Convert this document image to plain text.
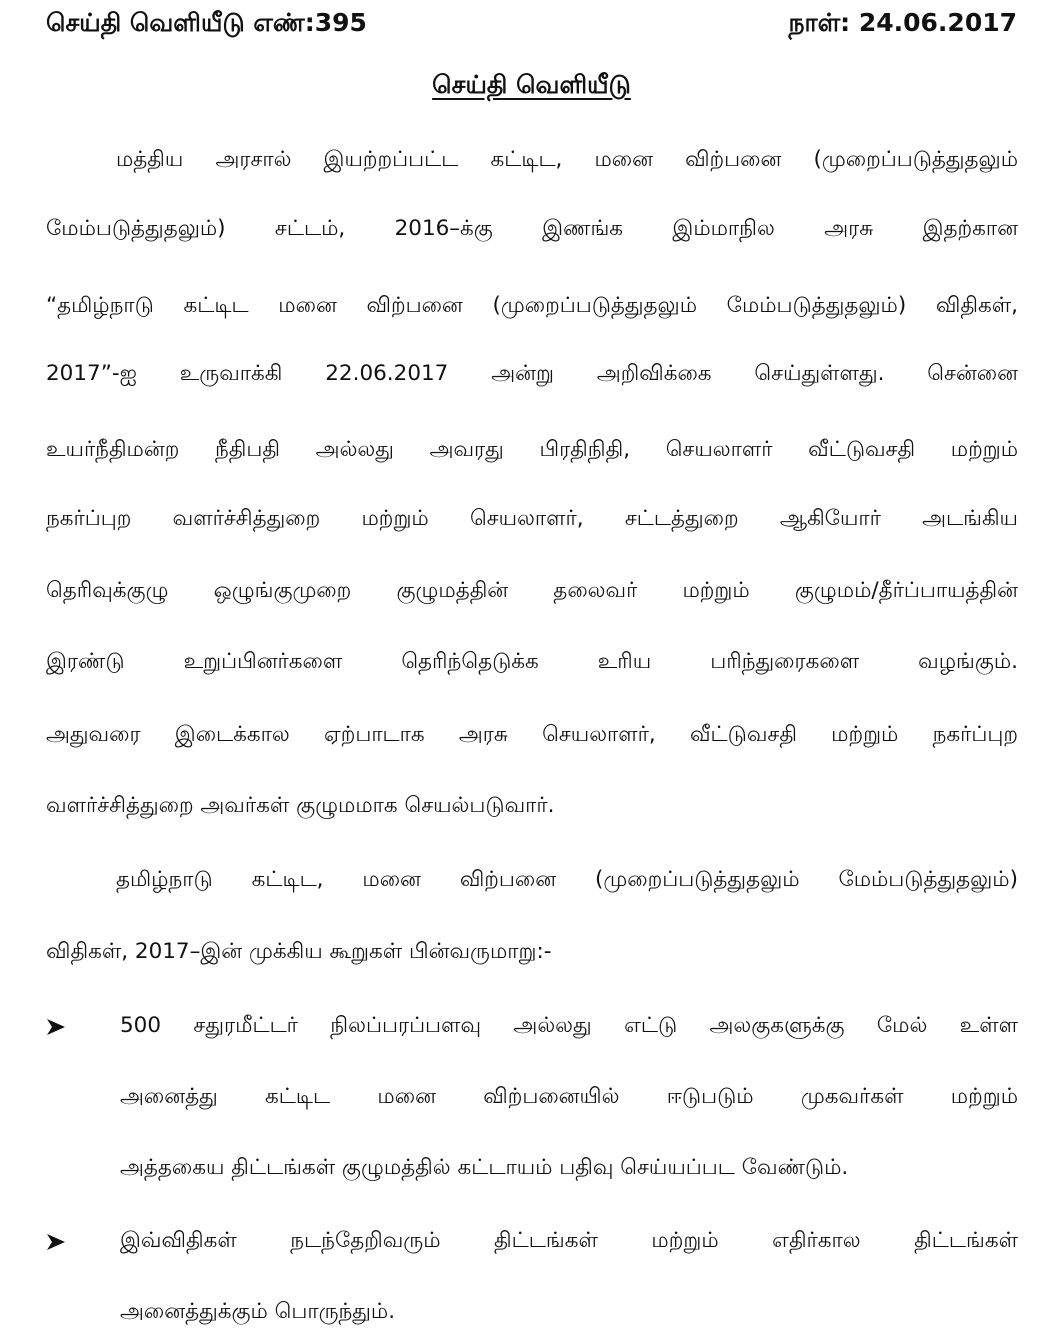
செய்தி வெளியீடு எண்:395	நாள்: 24.06.2017
செய்தி வெளியீடு
மத்திய அரசால் இயற்றப்பட்ட கட்டிட, மனை விற்பனை (முறைப்படுத்துதலும்
மேம்படுத்துதலும்) சட்டம், 2016–க்கு இணங்க இம்மாநில அரசு இதற்கான
“தமிழ்நாடு கட்டிட மனை விற்பனை (முறைப்படுத்துதலும் மேம்படுத்துதலும்) விதிகள்,
2017”-ஐ உருவாக்கி 22.06.2017 அன்று அறிவிக்கை செய்துள்ளது. சென்னை
உயர்நீதிமன்ற நீதிபதி அல்லது அவரது பிரதிநிதி, செயலாளர் வீட்டுவசதி மற்றும்
நகர்ப்புற வளர்ச்சித்துறை மற்றும் செயலாளர், சட்டத்துறை ஆகியோர் அடங்கிய
தெரிவுக்குழு ஒழுங்குமுறை குழுமத்தின் தலைவர் மற்றும் குழுமம்/தீர்ப்பாயத்தின்
இரண்டு உறுப்பினர்களை தெரிந்தெடுக்க உரிய பரிந்துரைகளை வழங்கும்.
அதுவரை இடைக்கால ஏற்பாடாக அரசு செயலாளர், வீட்டுவசதி மற்றும் நகர்ப்புற
வளர்ச்சித்துறை அவர்கள் குழுமமாக செயல்படுவார்.
தமிழ்நாடு கட்டிட, மனை விற்பனை (முறைப்படுத்துதலும் மேம்படுத்துதலும்)
விதிகள், 2017–இன் முக்கிய கூறுகள் பின்வருமாறு:-
500 சதுரமீட்டர் நிலப்பரப்பளவு அல்லது எட்டு அலகுகளுக்கு மேல் உள்ள
அனைத்து கட்டிட மனை விற்பனையில் ஈடுபடும் முகவர்கள் மற்றும்
அத்தகைய திட்டங்கள் குழுமத்தில் கட்டாயம் பதிவு செய்யப்பட வேண்டும்.
இவ்விதிகள் நடந்தேறிவரும் திட்டங்கள் மற்றும் எதிர்கால திட்டங்கள்
அனைத்துக்கும் பொருந்தும்.
